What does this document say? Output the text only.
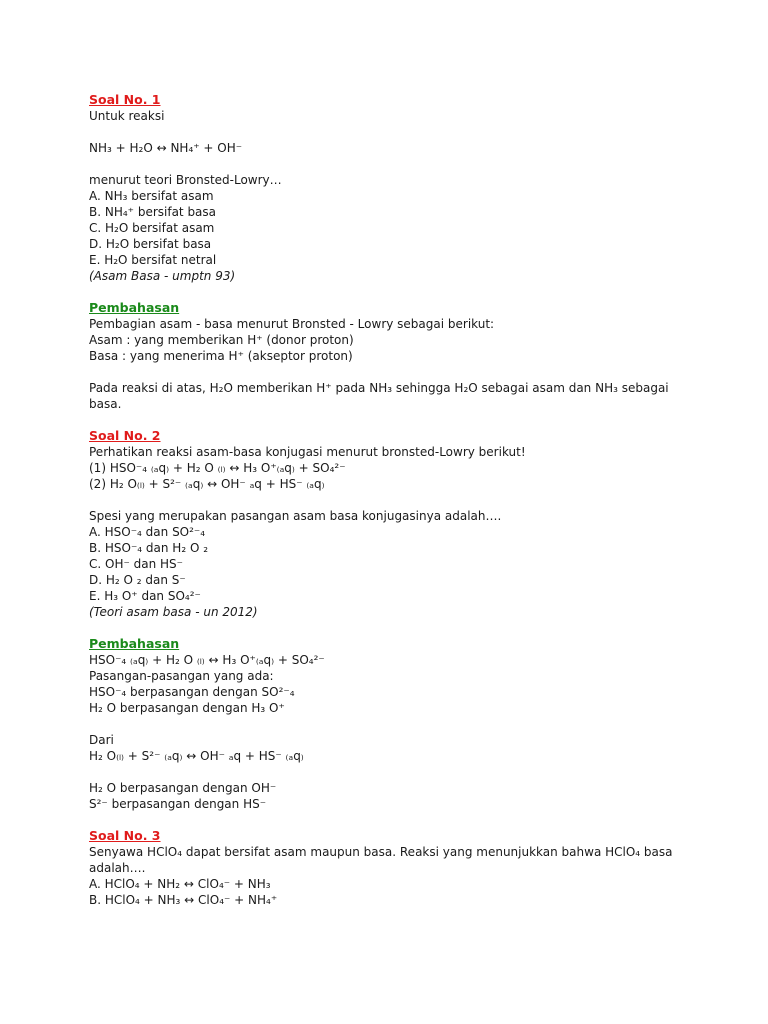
Soal No. 1
Untuk reaksi
NH₃ + H₂O ↔ NH₄⁺ + OH⁻
menurut teori Bronsted-Lowry…
A. NH₃ bersifat asam
B. NH₄⁺ bersifat basa
C. H₂O bersifat asam
D. H₂O bersifat basa
E. H₂O bersifat netral
(Asam Basa - umptn 93)
Pembahasan
Pembagian asam - basa menurut Bronsted - Lowry sebagai berikut:
Asam : yang memberikan H⁺ (donor proton)
Basa : yang menerima H⁺ (akseptor proton)
Pada reaksi di atas, H₂O memberikan H⁺ pada NH₃ sehingga H₂O sebagai asam dan NH₃ sebagai
basa.
Soal No. 2
Perhatikan reaksi asam-basa konjugasi menurut bronsted-Lowry berikut!
(1) HSO⁻₄ ₍ₐq₎ + H₂ O ₍ₗ₎ ↔ H₃ O⁺₍ₐq₎ + SO₄²⁻
(2) H₂ O₍ₗ₎ + S²⁻ ₍ₐq₎ ↔ OH⁻ ₐq + HS⁻ ₍ₐq₎
Spesi yang merupakan pasangan asam basa konjugasinya adalah….
A. HSO⁻₄ dan SO²⁻₄
B. HSO⁻₄ dan H₂ O ₂
C. OH⁻ dan HS⁻
D. H₂ O ₂ dan S⁻
E. H₃ O⁺ dan SO₄²⁻
(Teori asam basa - un 2012)
Pembahasan
HSO⁻₄ ₍ₐq₎ + H₂ O ₍ₗ₎ ↔ H₃ O⁺₍ₐq₎ + SO₄²⁻
Pasangan-pasangan yang ada:
HSO⁻₄ berpasangan dengan SO²⁻₄
H₂ O berpasangan dengan H₃ O⁺
Dari
H₂ O₍ₗ₎ + S²⁻ ₍ₐq₎ ↔ OH⁻ ₐq + HS⁻ ₍ₐq₎
H₂ O berpasangan dengan OH⁻
S²⁻ berpasangan dengan HS⁻
Soal No. 3
Senyawa HClO₄ dapat bersifat asam maupun basa. Reaksi yang menunjukkan bahwa HClO₄ basa
adalah….
A. HClO₄ + NH₂ ↔ ClO₄⁻ + NH₃
B. HClO₄ + NH₃ ↔ ClO₄⁻ + NH₄⁺
